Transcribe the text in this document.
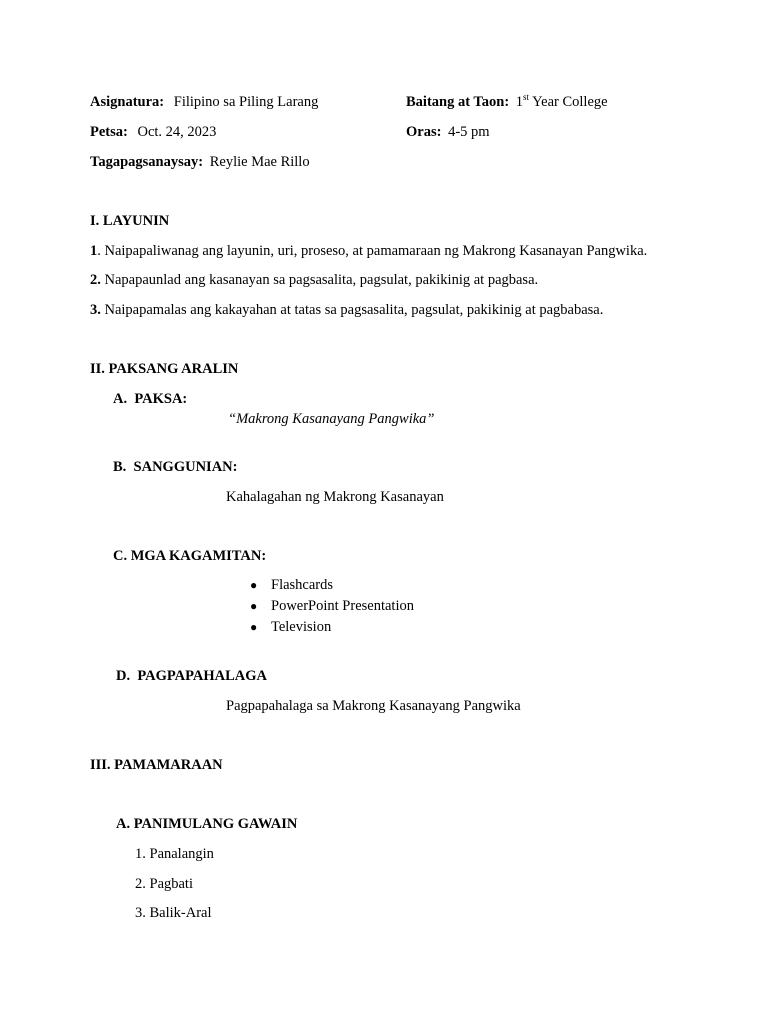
Asignatura: Filipino sa Piling Larang	Baitang at Taon: 1st Year College
Petsa: Oct. 24, 2023	Oras: 4-5 pm
Tagapagsanaysay: Reylie Mae Rillo
I. LAYUNIN
1. Naipapaliwanag ang layunin, uri, proseso, at pamamaraan ng Makrong Kasanayan Pangwika.
2. Napapaunlad ang kasanayan sa pagsasalita, pagsulat, pakikinig at pagbasa.
3. Naipapamalas ang kakayahan at tatas sa pagsasalita, pagsulat, pakikinig at pagbabasa.
II. PAKSANG ARALIN
A.  PAKSA:
“Makrong Kasanayang Pangwika”
B.  SANGGUNIAN:
Kahalagahan ng Makrong Kasanayan
C. MGA KAGAMITAN:
● Flashcards
● PowerPoint Presentation
● Television
D.  PAGPAPAHALAGA
Pagpapahalaga sa Makrong Kasanayang Pangwika
III. PAMAMARAAN
A. PANIMULANG GAWAIN
1. Panalangin
2. Pagbati
3. Balik-Aral
